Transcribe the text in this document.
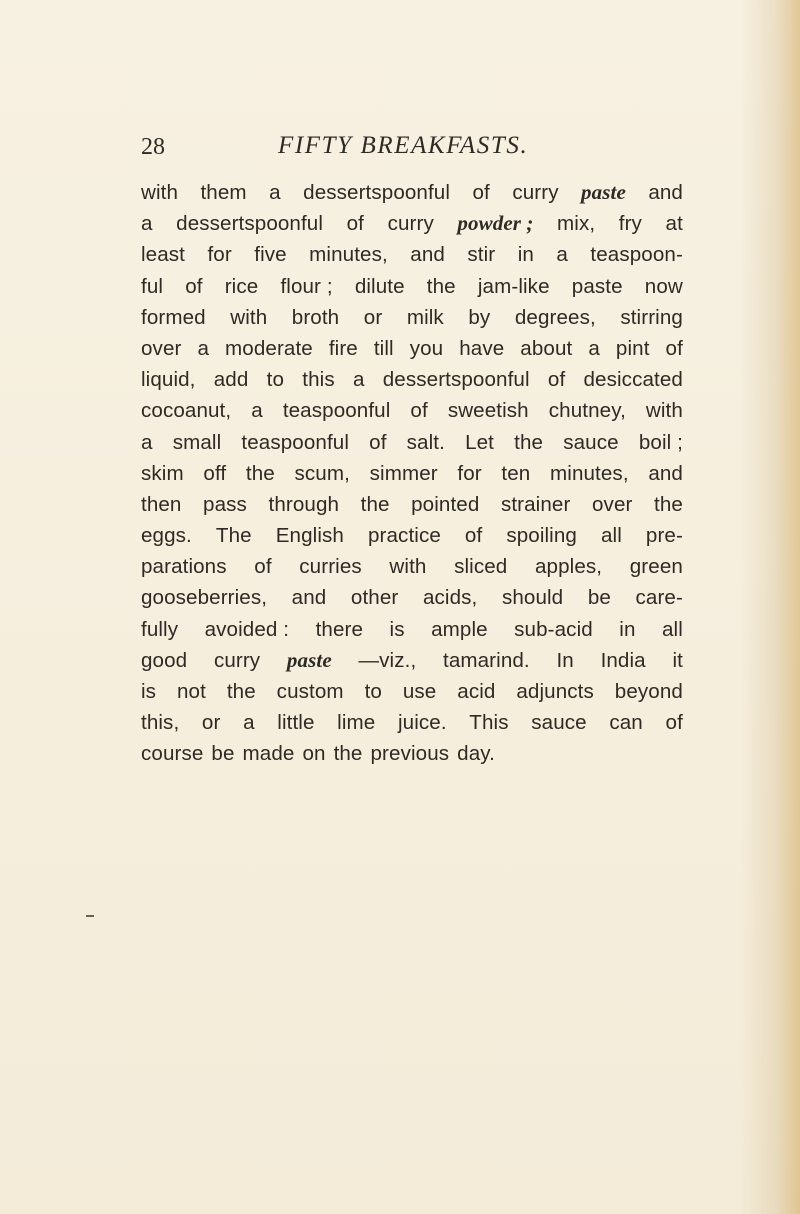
28	FIFTY BREAKFASTS.
with them a dessertspoonful of curry paste and
a dessertspoonful of curry powder ; mix, fry at
least for five minutes, and stir in a teaspoon-
ful of rice flour ; dilute the jam-like paste now
formed with broth or milk by degrees, stirring
over a moderate fire till you have about a pint of
liquid, add to this a dessertspoonful of desiccated
cocoanut, a teaspoonful of sweetish chutney, with
a small teaspoonful of salt. Let the sauce boil ;
skim off the scum, simmer for ten minutes, and
then pass through the pointed strainer over the
eggs. The English practice of spoiling all pre-
parations of curries with sliced apples, green
gooseberries, and other acids, should be care-
fully avoided : there is ample sub-acid in all
good curry paste —viz., tamarind. In India it
is not the custom to use acid adjuncts beyond
this, or a little lime juice. This sauce can of
course be made on the previous day.
